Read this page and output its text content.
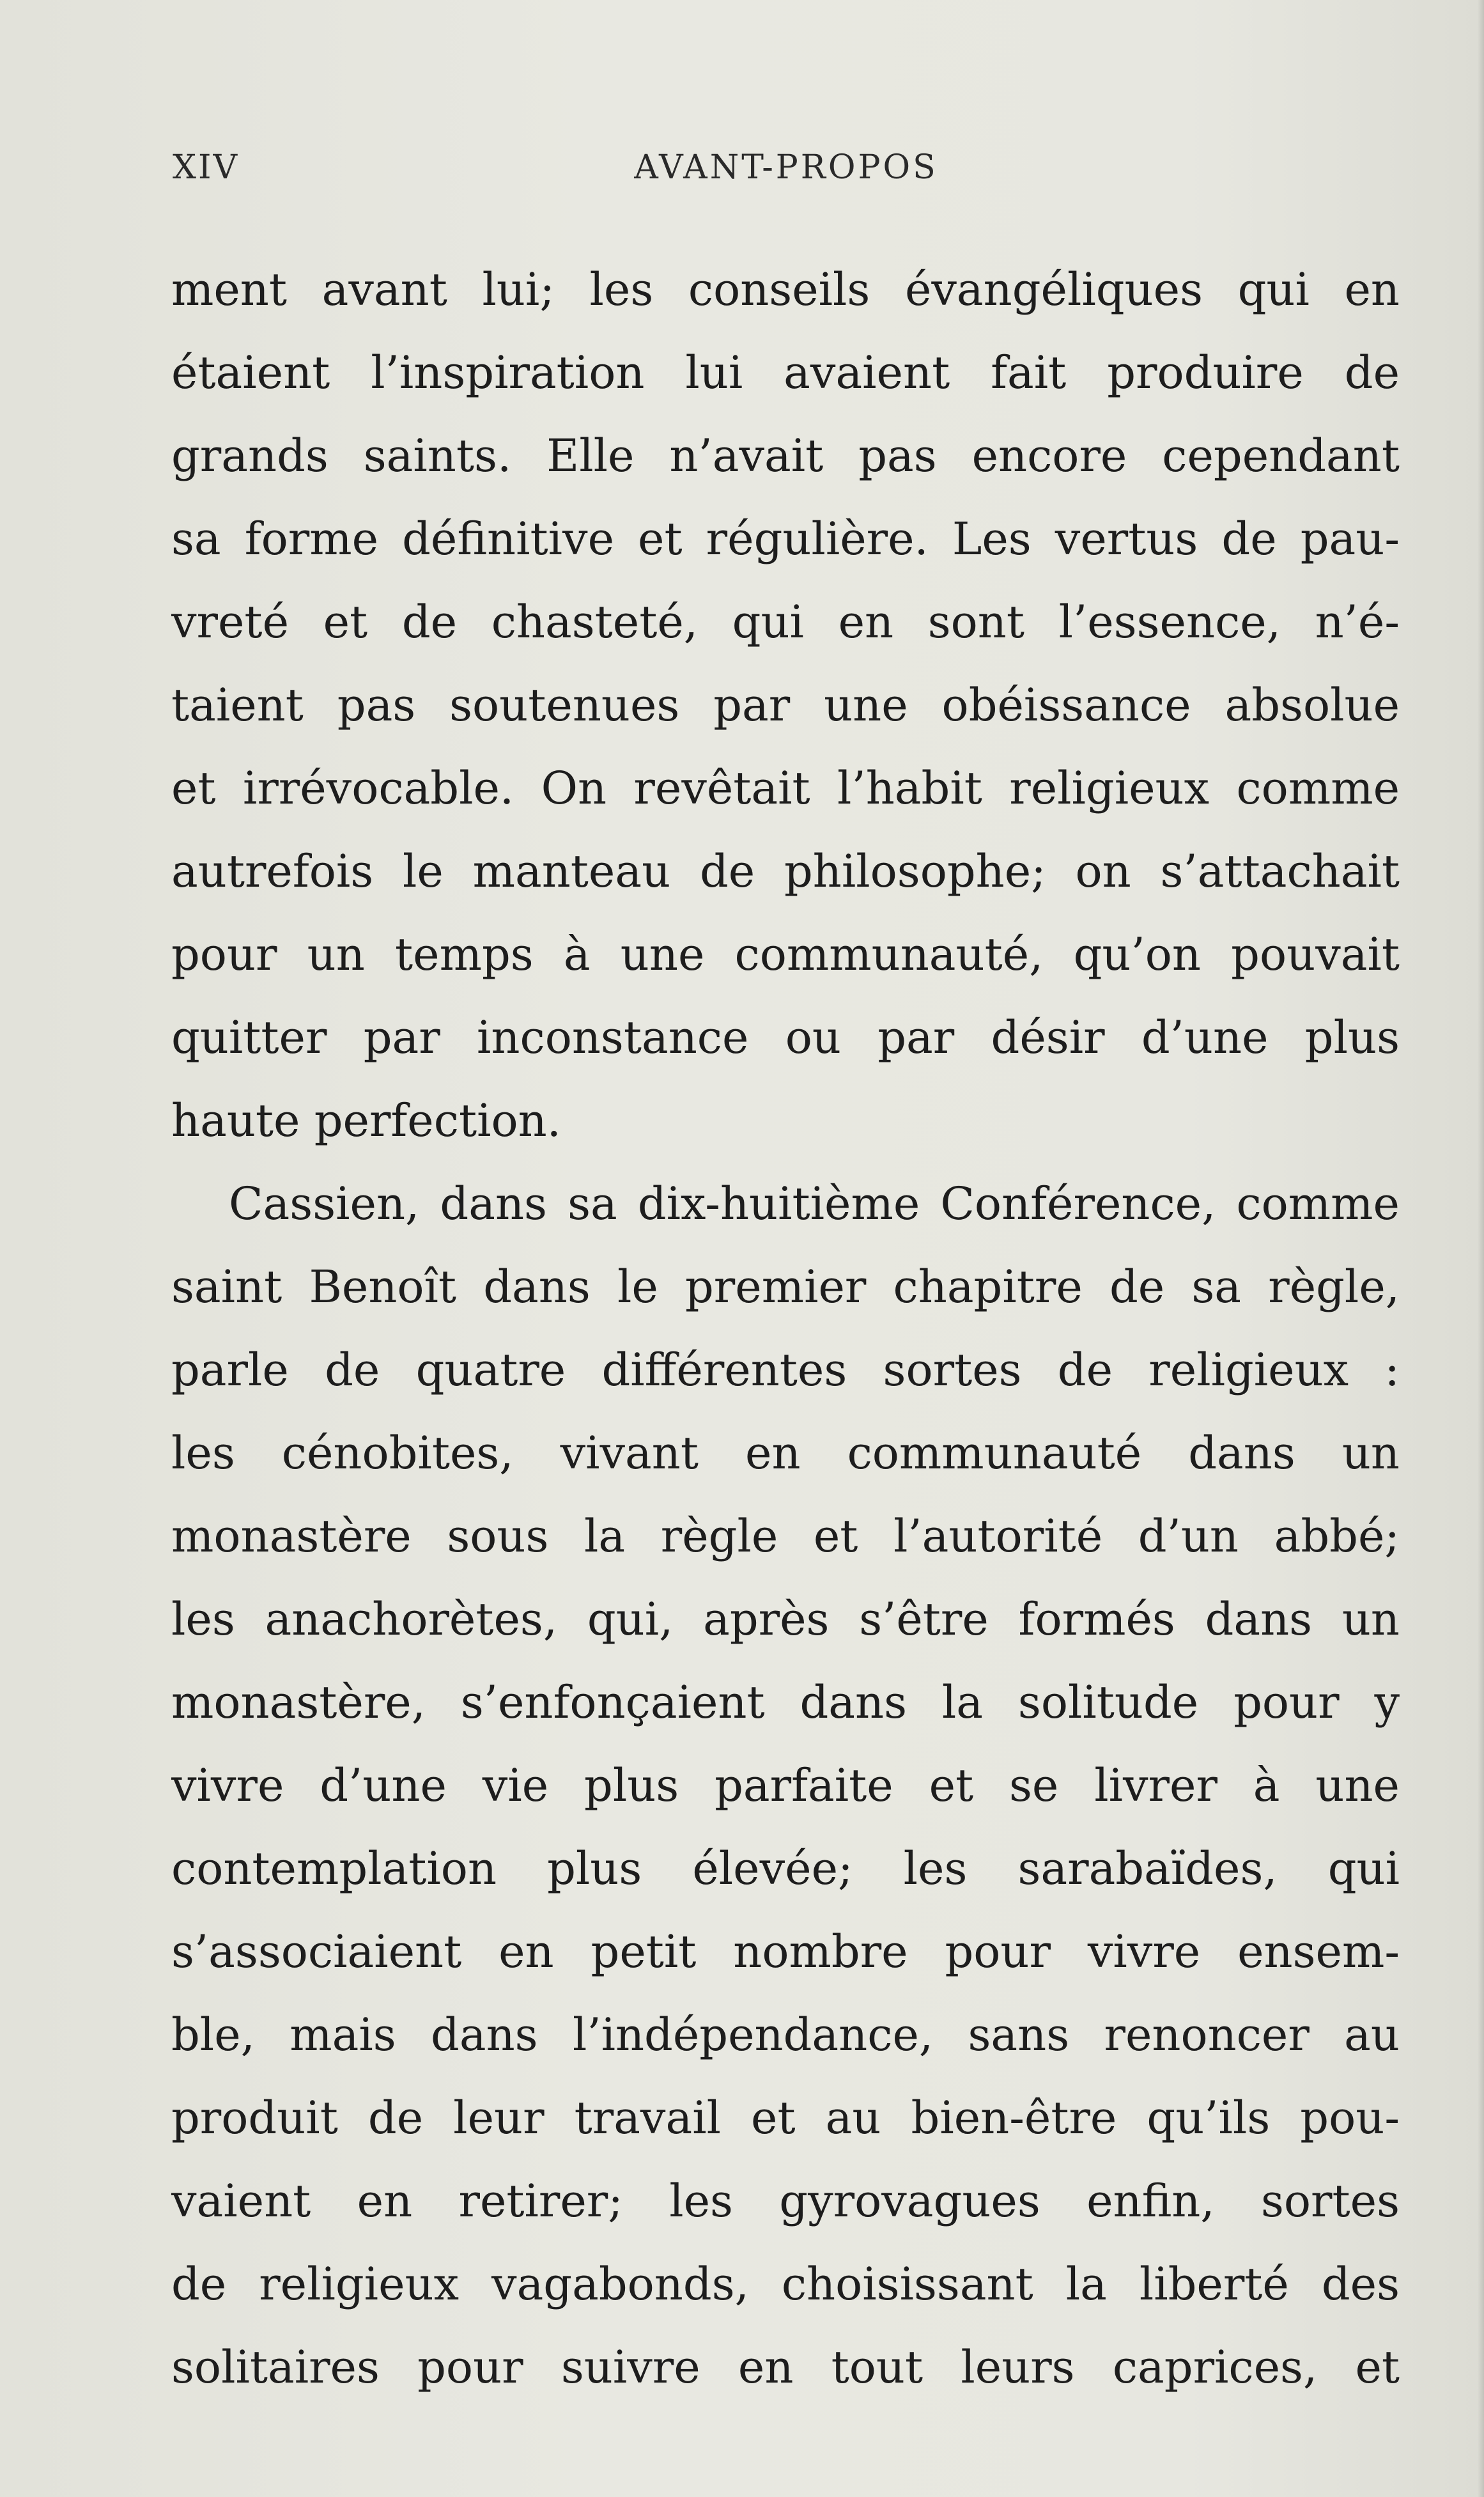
XIV	AVANT-PROPOS
ment avant lui; les conseils évangéliques qui en
étaient l’inspiration lui avaient fait produire de
grands saints. Elle n’avait pas encore cependant
sa forme définitive et régulière. Les vertus de pau-
vreté et de chasteté, qui en sont l’essence, n’é-
taient pas soutenues par une obéissance absolue
et irrévocable. On revêtait l’habit religieux comme
autrefois le manteau de philosophe; on s’attachait
pour un temps à une communauté, qu’on pouvait
quitter par inconstance ou par désir d’une plus
haute perfection.
Cassien, dans sa dix-huitième Conférence, comme
saint Benoît dans le premier chapitre de sa règle,
parle de quatre différentes sortes de religieux :
les cénobites, vivant en communauté dans un
monastère sous la règle et l’autorité d’un abbé;
les anachorètes, qui, après s’être formés dans un
monastère, s’enfonçaient dans la solitude pour y
vivre d’une vie plus parfaite et se livrer à une
contemplation plus élevée; les sarabaïdes, qui
s’associaient en petit nombre pour vivre ensem-
ble, mais dans l’indépendance, sans renoncer au
produit de leur travail et au bien-être qu’ils pou-
vaient en retirer; les gyrovagues enfin, sortes
de religieux vagabonds, choisissant la liberté des
solitaires pour suivre en tout leurs caprices, et
